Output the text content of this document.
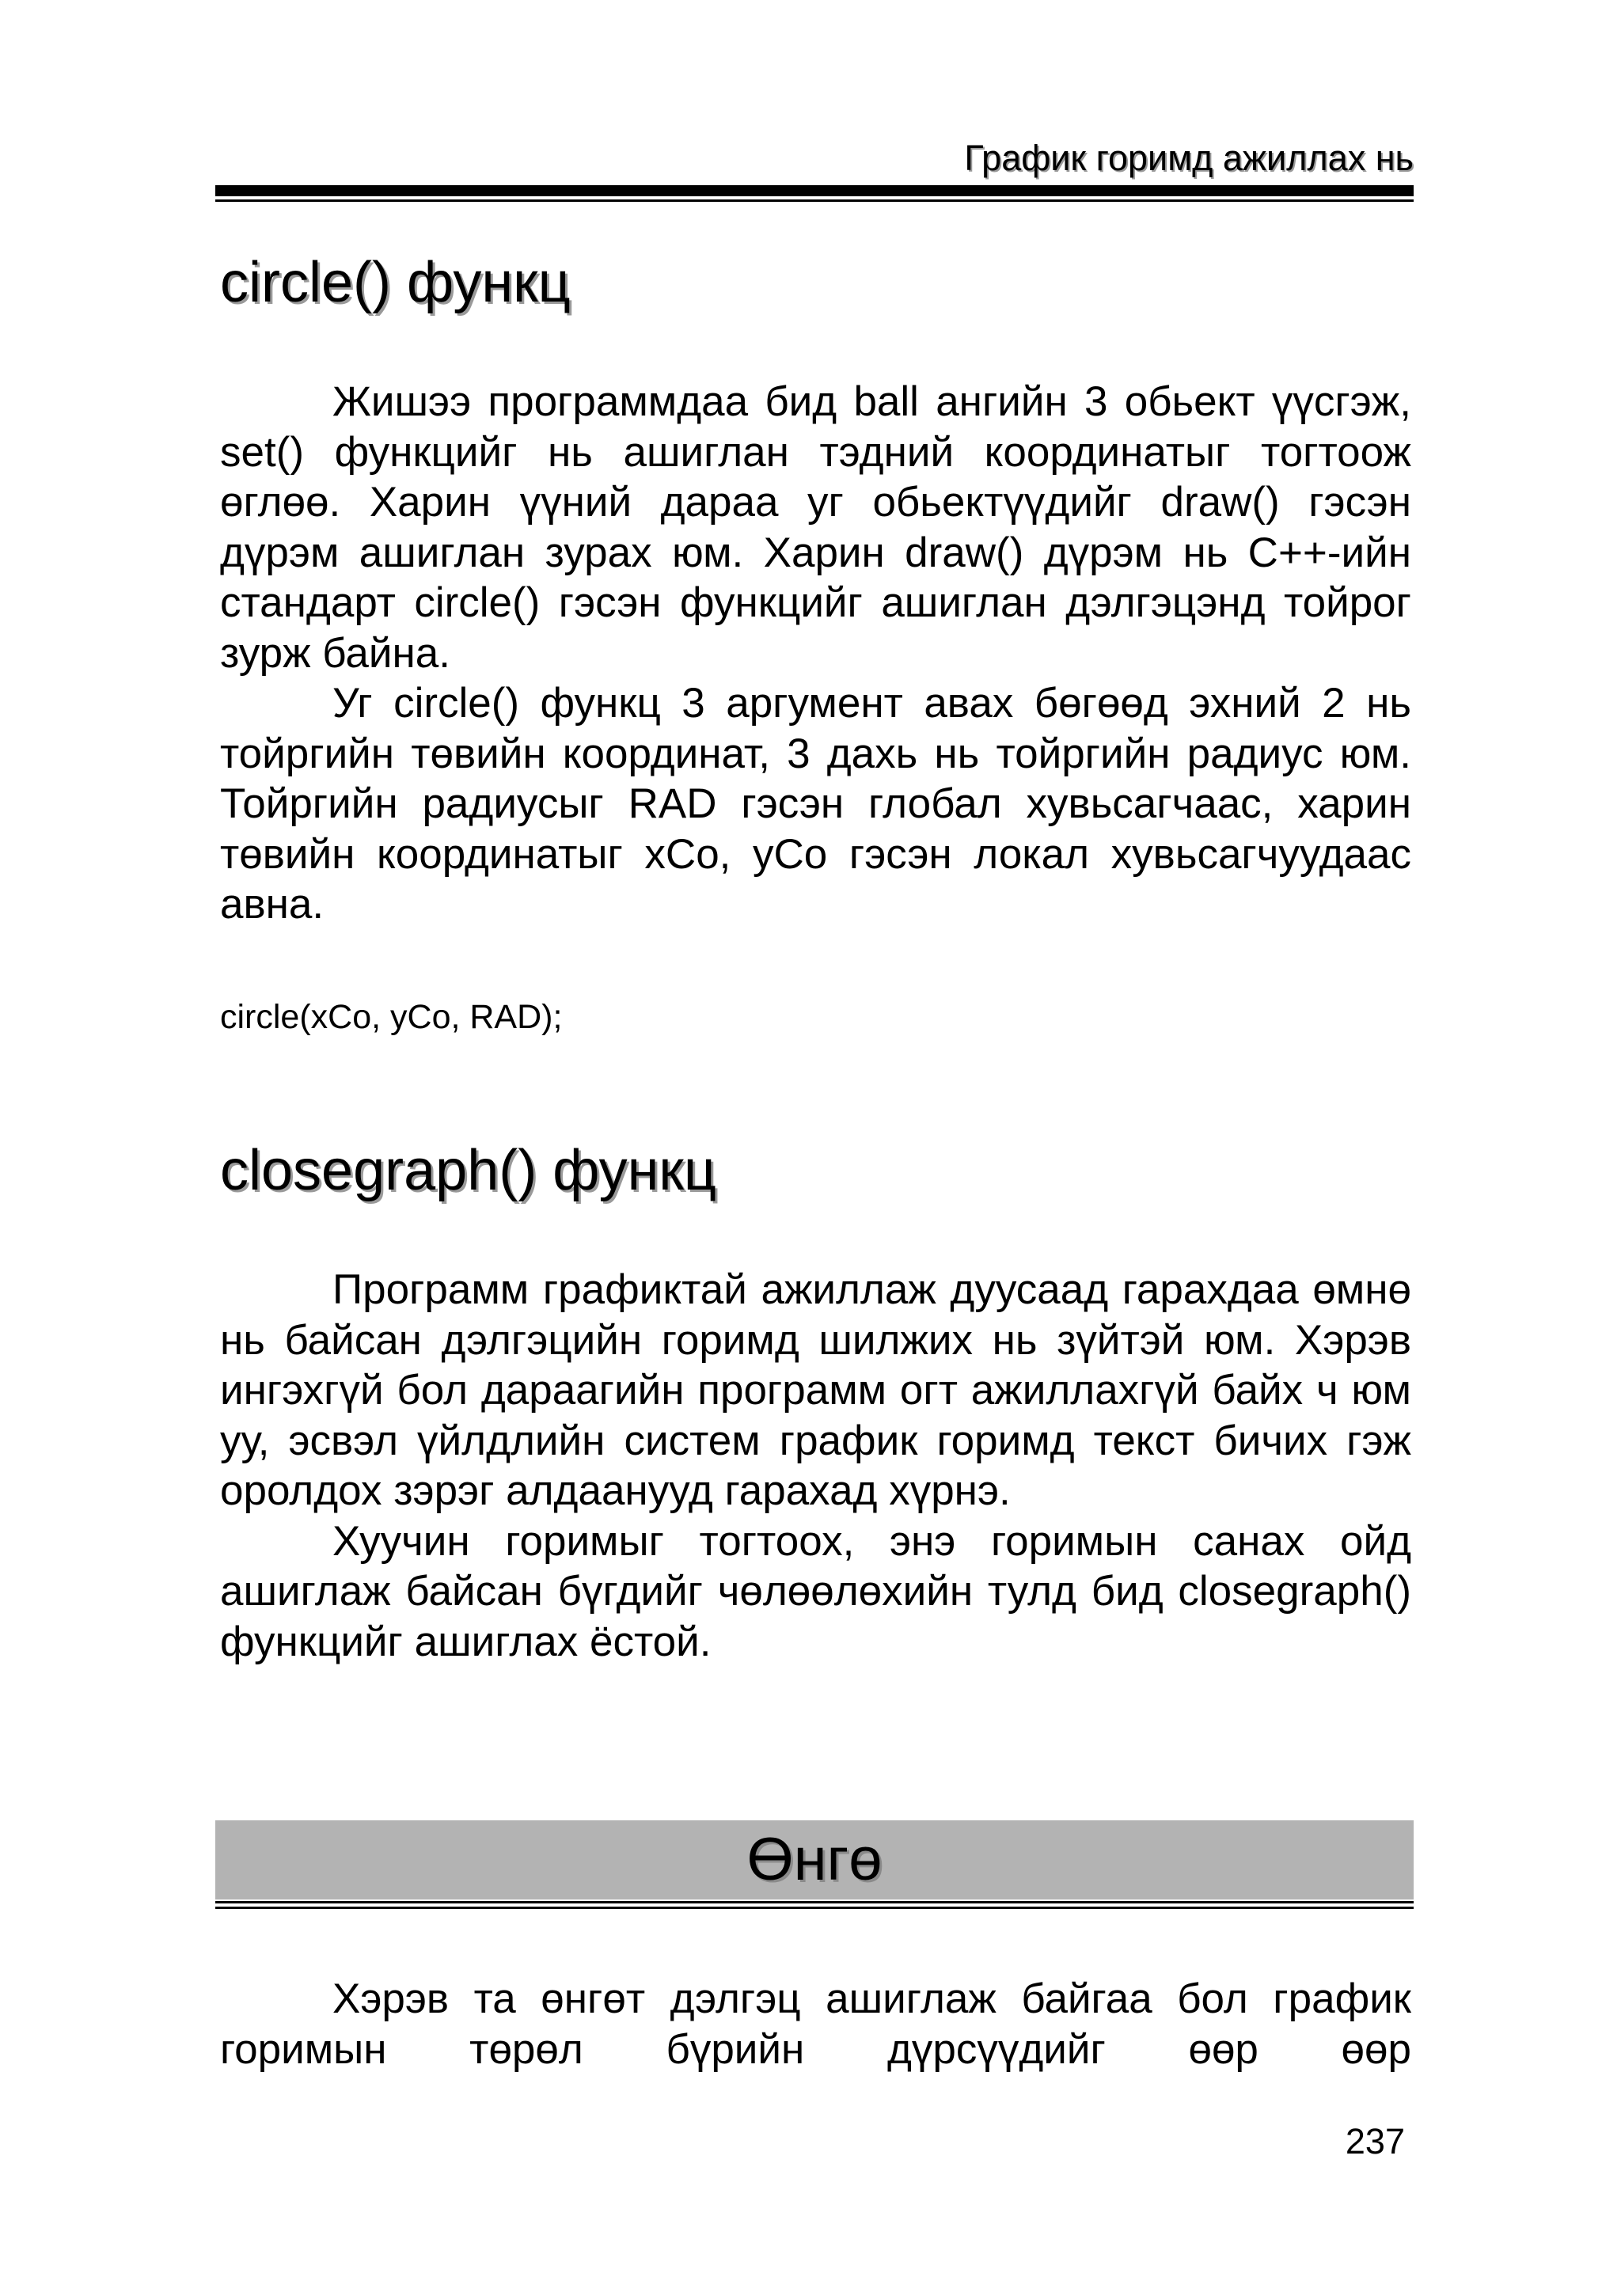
График горимд ажиллах нь
circle() функц

Жишээ программдаа бид ball ангийн 3 обьект үүсгэж, set() функцийг нь ашиглан тэдний координатыг тогтоож өглөө. Харин үүний дараа уг обьектүүдийг draw() гэсэн дүрэм ашиглан зурах юм. Харин draw() дүрэм нь C++-ийн стандарт circle() гэсэн функцийг ашиглан дэлгэцэнд тойрог зурж байна.

Уг circle() функц 3 аргумент авах бөгөөд эхний 2 нь тойргийн төвийн координат, 3 дахь нь тойргийн радиус юм. Тойргийн радиусыг RAD гэсэн глобал хувьсагчаас, харин төвийн координатыг xCo, yCo гэсэн локал хувьсагчуудаас авна.

circle(xCo, yCo, RAD);

closegraph() функц

Программ графиктай ажиллаж дуусаад гарахдаа өмнө нь байсан дэлгэцийн горимд шилжих нь зүйтэй юм. Хэрэв ингэхгүй бол дараагийн программ огт ажиллахгүй байх ч юм уу, эсвэл үйлдлийн систем график горимд текст бичих гэж оролдох зэрэг алдаанууд гарахад хүрнэ.

Хуучин горимыг тогтоох, энэ горимын санах ойд ашиглаж байсан бүгдийг чөлөөлөхийн тулд бид closegraph() функцийг ашиглах ёстой.

Өнгө

Хэрэв та өнгөт дэлгэц ашиглаж байгаа бол график горимын төрөл бүрийн дүрсүүдийг өөр өөр

237
